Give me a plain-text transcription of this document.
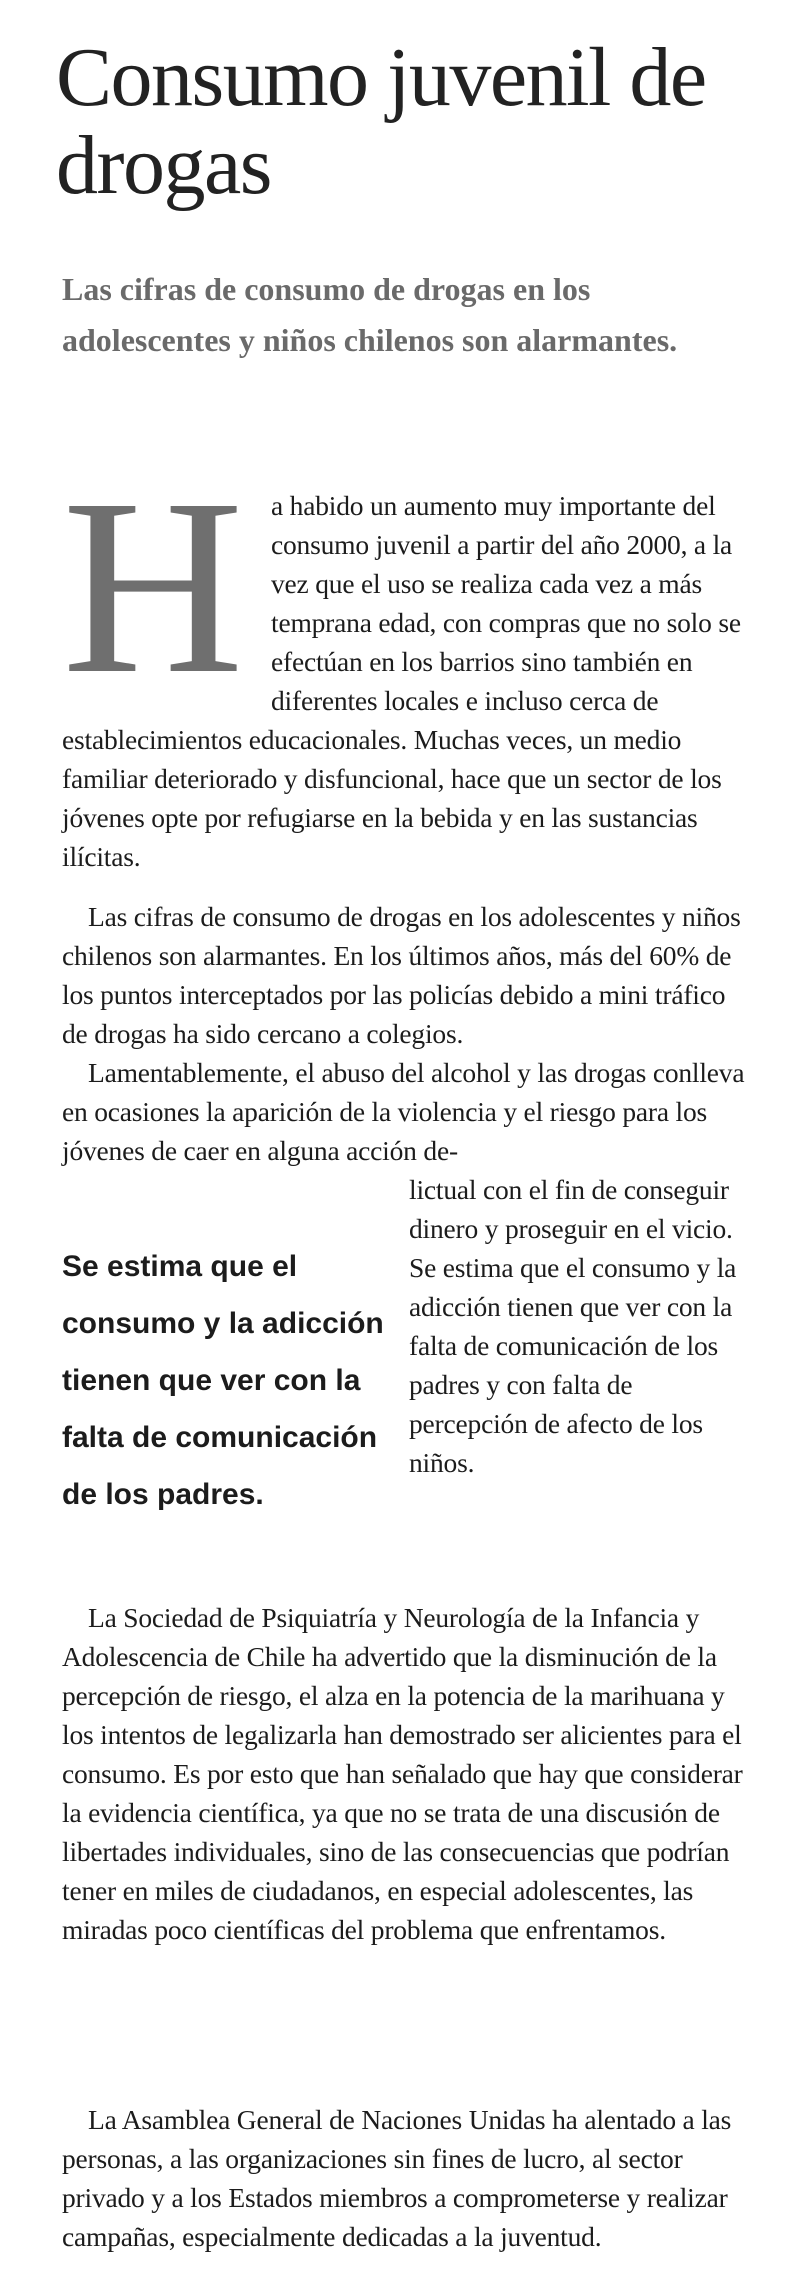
Consumo juvenil de drogas

Las cifras de consumo de drogas en los adolescentes y niños chilenos son alarmantes.

Ha habido un aumento muy importante del consumo juvenil a partir del año 2000, a la vez que el uso se realiza cada vez a más temprana edad, con compras que no solo se efectúan en los barrios sino también en diferentes locales e incluso cerca de establecimientos educacionales. Muchas veces, un medio familiar deteriorado y disfuncional, hace que un sector de los jóvenes opte por refugiarse en la bebida y en las sustancias ilícitas.

Las cifras de consumo de drogas en los adolescentes y niños chilenos son alarmantes. En los últimos años, más del 60% de los puntos interceptados por las policías debido a mini tráfico de drogas ha sido cercano a colegios.

Lamentablemente, el abuso del alcohol y las drogas conlleva en ocasiones la aparición de la violencia y el riesgo para los jóvenes de caer en alguna acción de-

lictual con el fin de conseguir dinero y proseguir en el vicio. Se estima que el consumo y la adicción tienen que ver con la falta de comunicación de los padres y con falta de percepción de afecto de los niños.

Se estima que el consumo y la adicción tienen que ver con la falta de comunicación de los padres.

La Sociedad de Psiquiatría y Neurología de la Infancia y Adolescencia de Chile ha advertido que la disminución de la percepción de riesgo, el alza en la potencia de la marihuana y los intentos de legalizarla han demostrado ser alicientes para el consumo. Es por esto que han señalado que hay que considerar la evidencia científica, ya que no se trata de una discusión de libertades individuales, sino de las consecuencias que podrían tener en miles de ciudadanos, en especial adolescentes, las miradas poco científicas del problema que enfrentamos.

La Asamblea General de Naciones Unidas ha alentado a las personas, a las organizaciones sin fines de lucro, al sector privado y a los Estados miembros a comprometerse y realizar campañas, especialmente dedicadas a la juventud.
